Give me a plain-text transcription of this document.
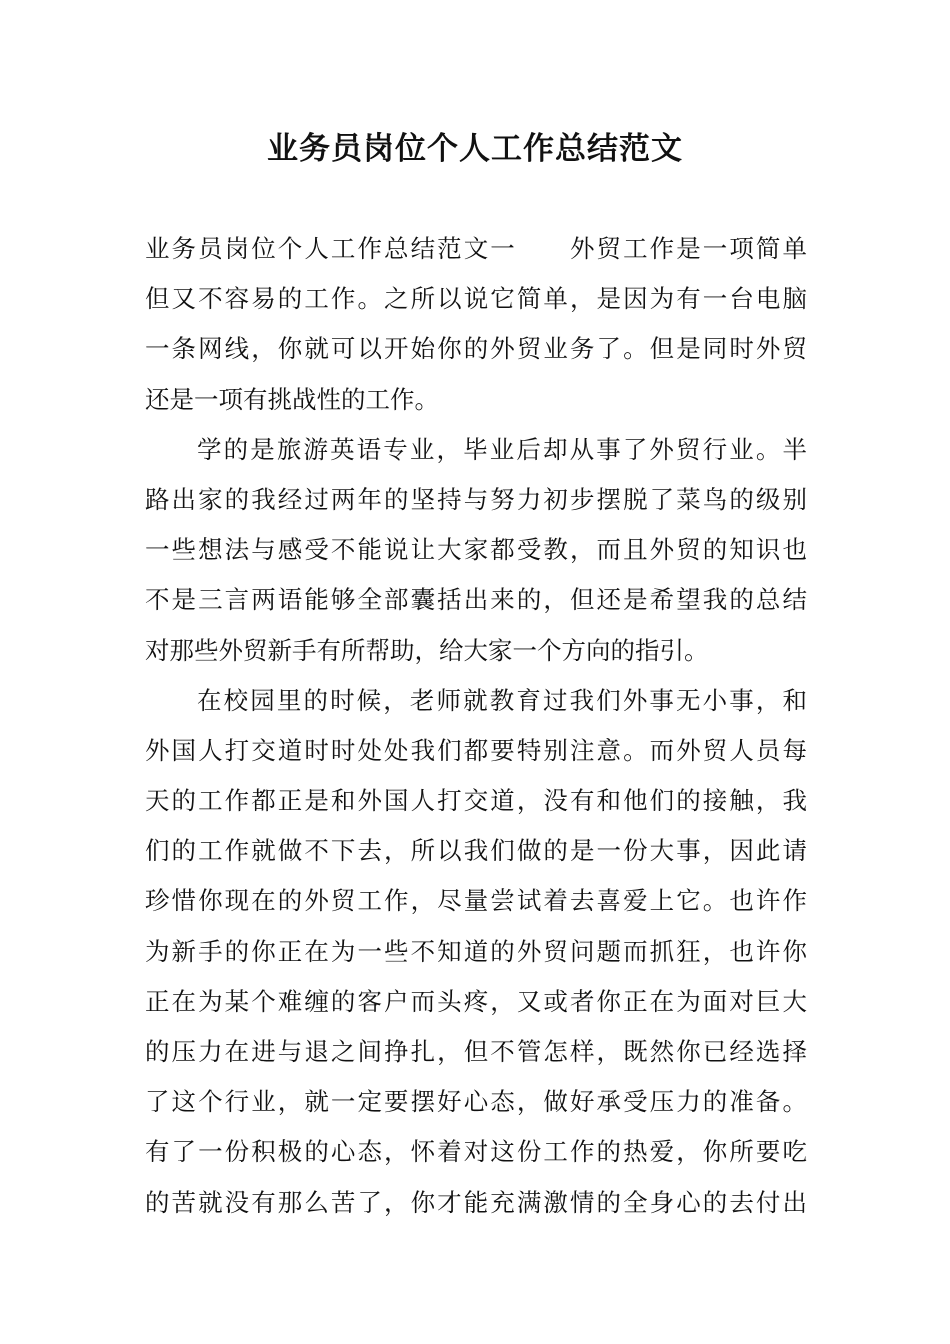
业务员岗位个人工作总结范文
业务员岗位个人工作总结范文一　　外贸工作是一项简单
但又不容易的工作。之所以说它简单，是因为有一台电脑
一条网线，你就可以开始你的外贸业务了。但是同时外贸
还是一项有挑战性的工作。
学的是旅游英语专业，毕业后却从事了外贸行业。半
路出家的我经过两年的坚持与努力初步摆脱了菜鸟的级别
一些想法与感受不能说让大家都受教，而且外贸的知识也
不是三言两语能够全部囊括出来的，但还是希望我的总结
对那些外贸新手有所帮助，给大家一个方向的指引。
在校园里的时候，老师就教育过我们外事无小事，和
外国人打交道时时处处我们都要特别注意。而外贸人员每
天的工作都正是和外国人打交道，没有和他们的接触，我
们的工作就做不下去，所以我们做的是一份大事，因此请
珍惜你现在的外贸工作，尽量尝试着去喜爱上它。也许作
为新手的你正在为一些不知道的外贸问题而抓狂，也许你
正在为某个难缠的客户而头疼，又或者你正在为面对巨大
的压力在进与退之间挣扎，但不管怎样，既然你已经选择
了这个行业，就一定要摆好心态，做好承受压力的准备。
有了一份积极的心态，怀着对这份工作的热爱，你所要吃
的苦就没有那么苦了，你才能充满激情的全身心的去付出
